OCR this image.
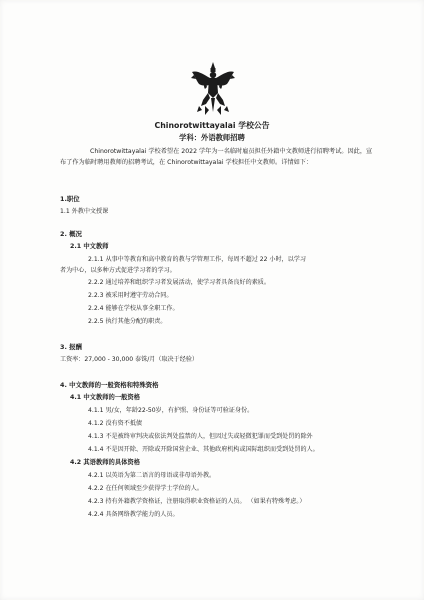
Chinorotwittayalai 学校公告
学科：外语教师招聘
Chinorotwittayalai 学校希望在 2022 学年为一名临时雇员担任外籍中文教师进行招聘考试。因此，宣布了作为临时聘用教师的招聘考试，在 Chinorotwittayalai 学校担任中文教师。详情如下：
1.职位
1.1 外教中文授课
2. 概况
2.1 中文教师
2.1.1 从事中等教育和高中教育的教与学管理工作，每周不超过 22 小时，以学习
者为中心，以多种方式促进学习者的学习。
2.2.2 通过培养和组织学习者发展活动，使学习者具备良好的素质。
2.2.3 被采用时遵守劳动合同。
2.2.4 能够在学校从事全职工作。
2.2.5 执行其他分配的职责。
3. 报酬
工资率：27,000 - 30,000 泰铢/月（取决于经验）
4. 中文教师的一般资格和特殊资格
4.1 中文教师的一般资格
4.1.1 男/女，年龄22-50岁，有护照、身份证等可验证身份。
4.1.2 没有资不抵债
4.1.3 不是被终审判决或依法判处监禁的人，但因过失或轻微犯罪而受到处罚的除外
4.1.4 不是因开除、开除或开除国营企业、其他政府机构或国际组织而受到处罚的人。
4.2 其语教师的具体资格
4.2.1 以英语为第二语言的母语或非母语外教。
4.2.2 在任何领域至少获得学士学位的人。
4.2.3 持有外籍教学资格证，注册取得职业资格证的人员。 （如果有特殊考虑。）
4.2.4 具备网络教学能力的人员。
